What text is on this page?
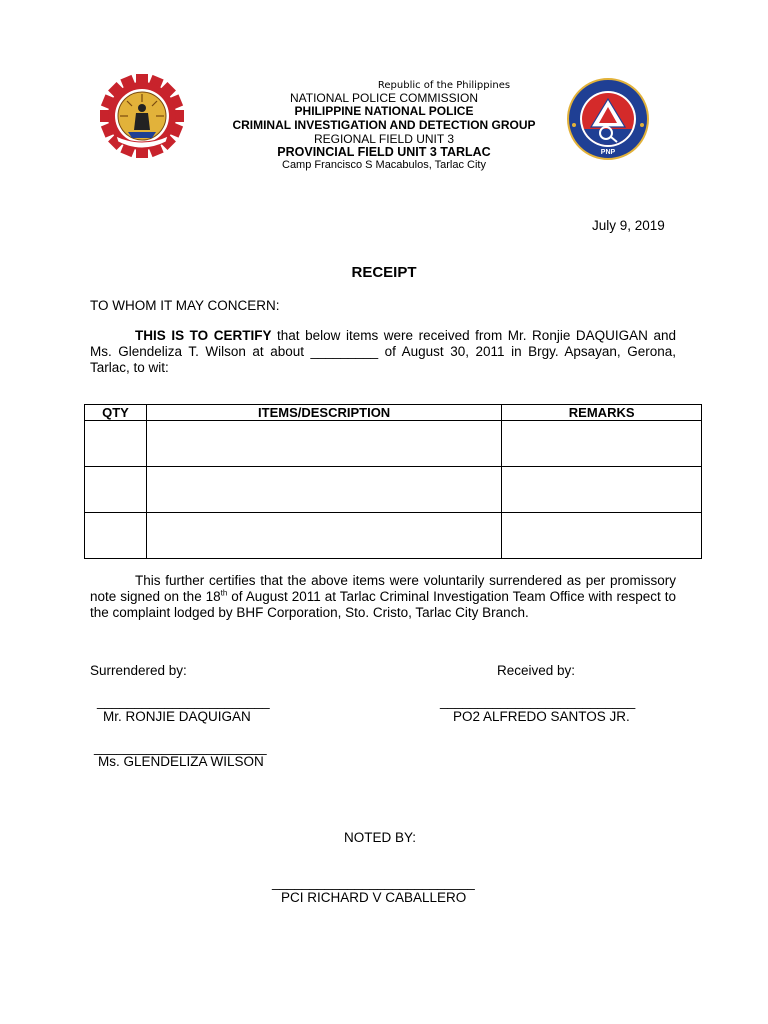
PNP
Republic of the Philippines
NATIONAL POLICE COMMISSION
PHILIPPINE NATIONAL POLICE
CRIMINAL INVESTIGATION AND DETECTION GROUP
REGIONAL FIELD UNIT 3
PROVINCIAL FIELD UNIT 3 TARLAC
Camp Francisco S Macabulos, Tarlac City
July 9, 2019
RECEIPT
TO WHOM IT MAY CONCERN:
THIS IS TO CERTIFY that below items were received from Mr. Ronjie DAQUIGAN and Ms. Glendeliza T. Wilson at about _________ of August 30, 2011 in Brgy. Apsayan, Gerona, Tarlac, to wit:
QTY	ITEMS/DESCRIPTION	REMARKS

This further certifies that the above items were voluntarily surrendered as per promissory note signed on the 18th of August 2011 at Tarlac Criminal Investigation Team Office with respect to the complaint lodged by BHF Corporation, Sto. Cristo, Tarlac City Branch.
Surrendered by:	Received by:
_______________________
Mr. RONJIE DAQUIGAN
__________________________
PO2 ALFREDO SANTOS JR.
_______________________
Ms. GLENDELIZA WILSON
NOTED BY:
___________________________
PCI RICHARD V CABALLERO
